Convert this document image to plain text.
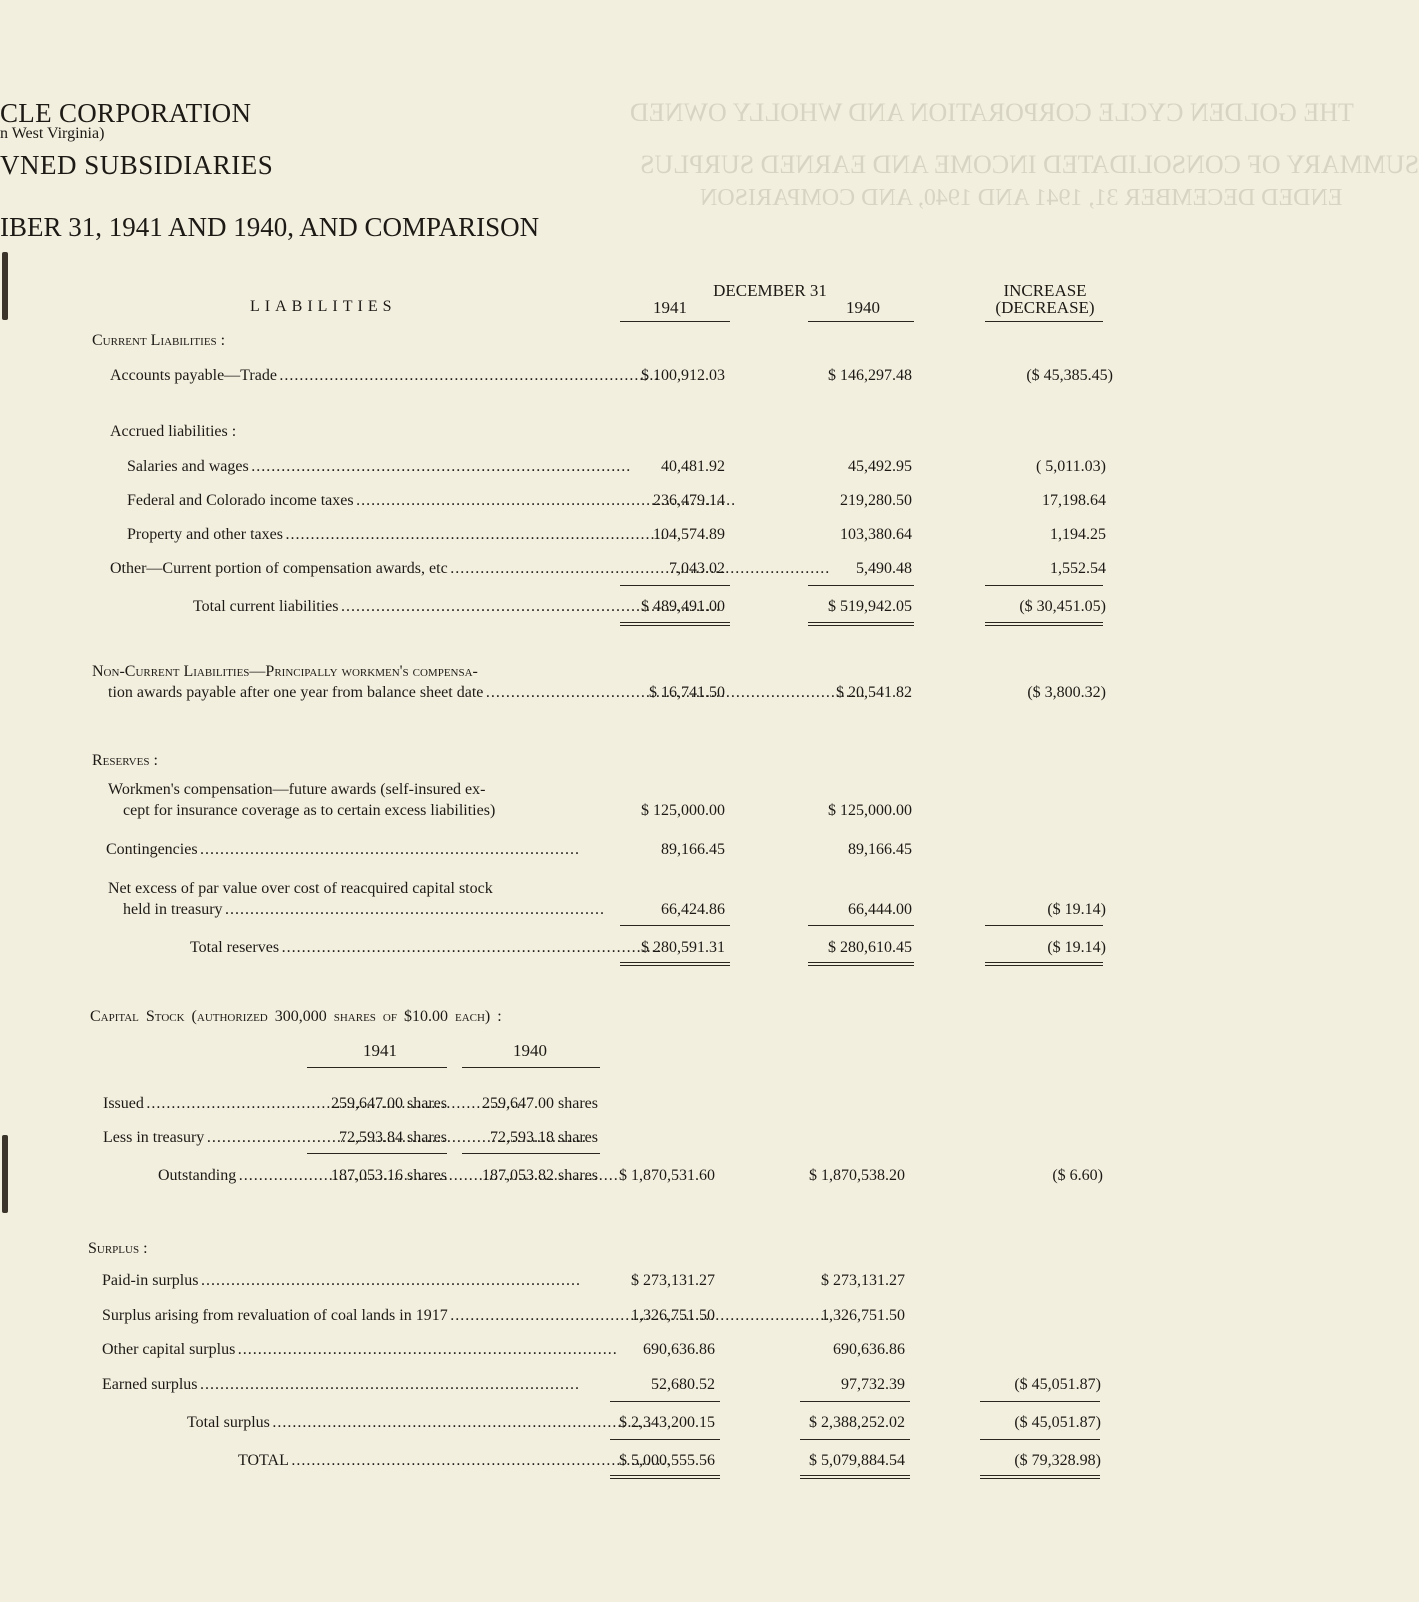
THE GOLDEN CYCLE CORPORATION AND WHOLLY OWNED
SUMMARY OF CONSOLIDATED INCOME AND EARNED SURPLUS
ENDED DECEMBER 31, 1941 AND 1940, AND COMPARISON
CLE CORPORATION
n West Virginia)
VNED SUBSIDIARIES
IBER 31, 1941 AND 1940, AND COMPARISON
DECEMBER 31
1941	1940
INCREASE
(DECREASE)
LIABILITIES
Current Liabilities :
Accounts payable—Trade . . .	$ 100,912.03	$ 146,297.48	($ 45,385.45)
Accrued liabilities :
Salaries and wages . . .	40,481.92	45,492.95	( 5,011.03)
Federal and Colorado income taxes . . .	236,479.14	219,280.50	17,198.64
Property and other taxes . . .	104,574.89	103,380.64	1,194.25
Other—Current portion of compensation awards, etc . . .	7,043.02	5,490.48	1,552.54
Total current liabilities . . .	$ 489,491.00	$ 519,942.05	($ 30,451.05)
Non-Current Liabilities—Principally workmen's compensa-
tion awards payable after one year from balance sheet date . . .	$ 16,741.50	$ 20,541.82	($ 3,800.32)
Reserves :
Workmen's compensation—future awards (self-insured ex-
cept for insurance coverage as to certain excess liabilities)	$ 125,000.00	$ 125,000.00
Contingencies . . .	89,166.45	89,166.45
Net excess of par value over cost of reacquired capital stock
held in treasury . . .	66,424.86	66,444.00	($ 19.14)
Total reserves . . .	$ 280,591.31	$ 280,610.45	($ 19.14)
Capital Stock (authorized 300,000 shares of $10.00 each) :
1941	1940
Issued . . .	259,647.00 shares	259,647.00 shares
Less in treasury . . .	72,593.84 shares	72,593.18 shares
Outstanding . . .	187,053.16 shares	187,053.82 shares	$ 1,870,531.60	$ 1,870,538.20	($ 6.60)
Surplus :
Paid-in surplus . . .	$ 273,131.27	$ 273,131.27
Surplus arising from revaluation of coal lands in 1917 . . .	1,326,751.50	1,326,751.50
Other capital surplus . . .	690,636.86	690,636.86
Earned surplus . . .	52,680.52	97,732.39	($ 45,051.87)
Total surplus . . .	$ 2,343,200.15	$ 2,388,252.02	($ 45,051.87)
TOTAL . . .	$ 5,000,555.56	$ 5,079,884.54	($ 79,328.98)
